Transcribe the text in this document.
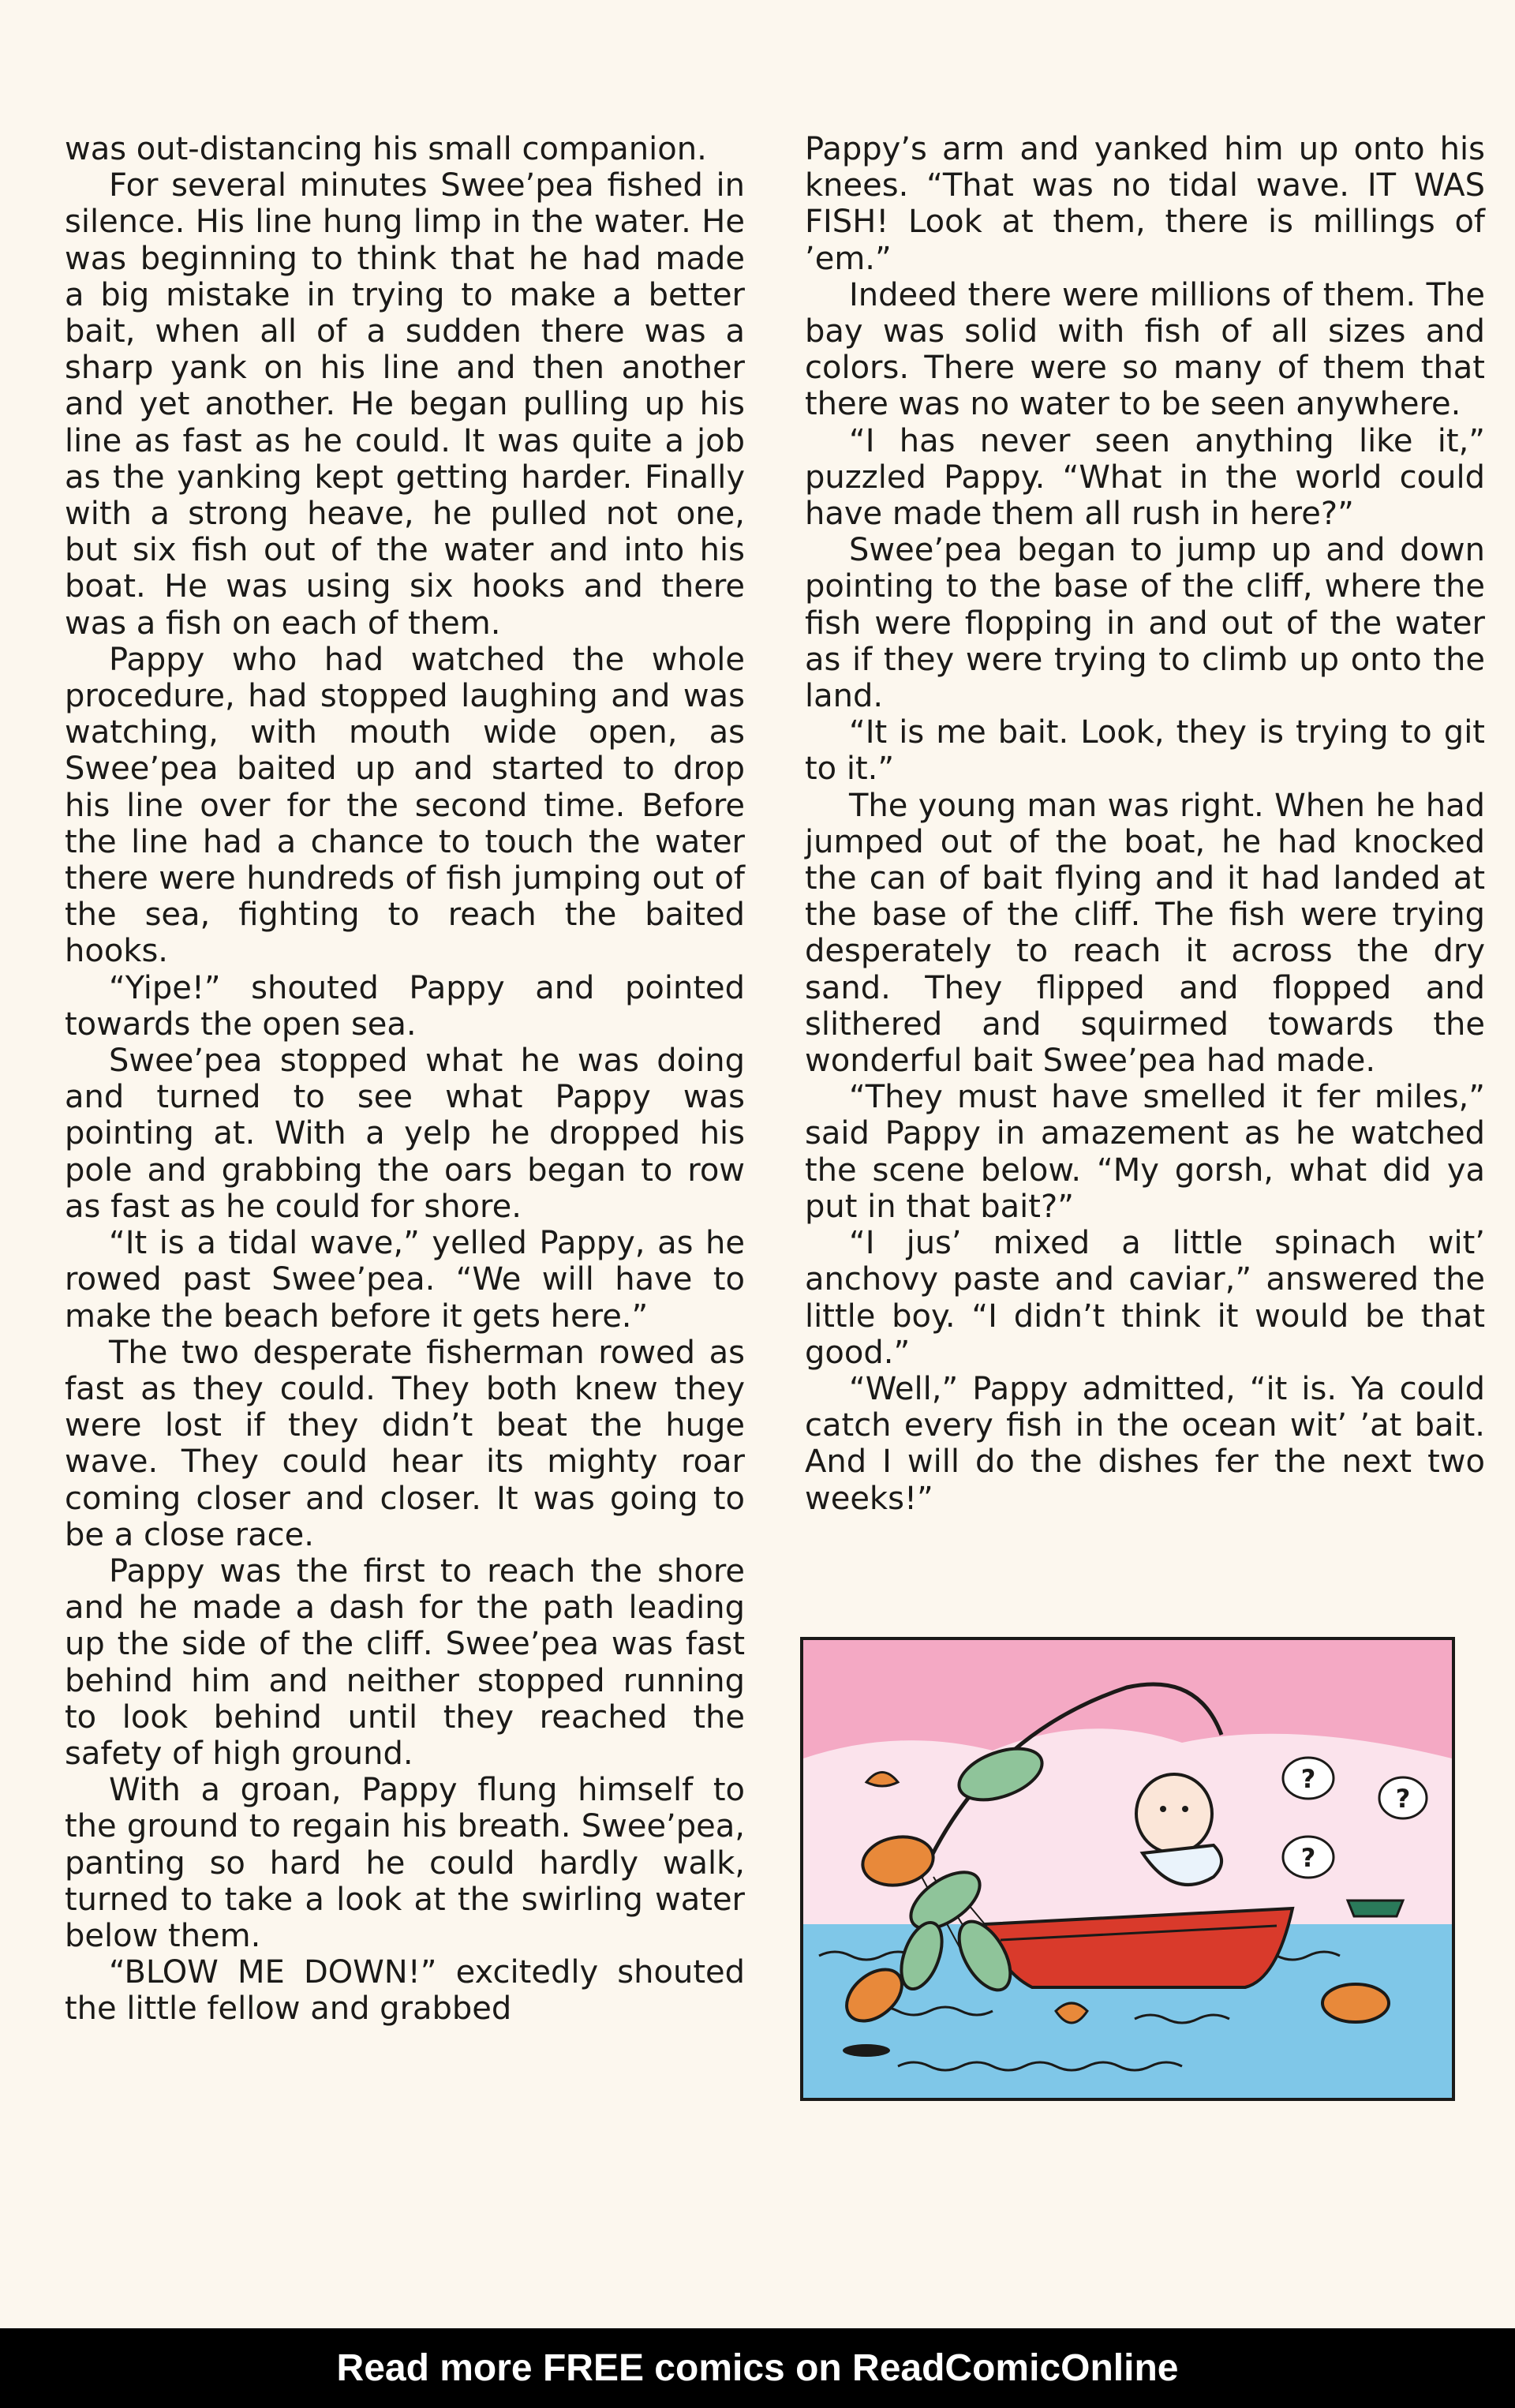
was out-distancing his small companion.

For several minutes Swee’pea fished in silence. His line hung limp in the water. He was beginning to think that he had made a big mistake in trying to make a better bait, when all of a sudden there was a sharp yank on his line and then another and yet another. He began pulling up his line as fast as he could. It was quite a job as the yanking kept getting harder. Finally with a strong heave, he pulled not one, but six fish out of the water and into his boat. He was using six hooks and there was a fish on each of them.

Pappy who had watched the whole procedure, had stopped laughing and was watching, with mouth wide open, as Swee’pea baited up and started to drop his line over for the second time. Before the line had a chance to touch the water there were hundreds of fish jumping out of the sea, fighting to reach the baited hooks.

“Yipe!” shouted Pappy and pointed towards the open sea.

Swee’pea stopped what he was doing and turned to see what Pappy was pointing at. With a yelp he dropped his pole and grabbing the oars began to row as fast as he could for shore.

“It is a tidal wave,” yelled Pappy, as he rowed past Swee’pea. “We will have to make the beach before it gets here.”

The two desperate fisherman rowed as fast as they could. They both knew they were lost if they didn’t beat the huge wave. They could hear its mighty roar coming closer and closer. It was going to be a close race.

Pappy was the first to reach the shore and he made a dash for the path leading up the side of the cliff. Swee’pea was fast behind him and neither stopped running to look behind until they reached the safety of high ground.

With a groan, Pappy flung himself to the ground to regain his breath. Swee’pea, panting so hard he could hardly walk, turned to take a look at the swirling water below them.

“BLOW ME DOWN!” excitedly shouted the little fellow and grabbed

Pappy’s arm and yanked him up onto his knees. “That was no tidal wave. IT WAS FISH! Look at them, there is millings of ’em.”

Indeed there were millions of them. The bay was solid with fish of all sizes and colors. There were so many of them that there was no water to be seen anywhere.

“I has never seen anything like it,” puzzled Pappy. “What in the world could have made them all rush in here?”

Swee’pea began to jump up and down pointing to the base of the cliff, where the fish were flopping in and out of the water as if they were trying to climb up onto the land.

“It is me bait. Look, they is trying to git to it.”

The young man was right. When he had jumped out of the boat, he had knocked the can of bait flying and it had landed at the base of the cliff. The fish were trying desperately to reach it across the dry sand. They flipped and flopped and slithered and squirmed towards the wonderful bait Swee’pea had made.

“They must have smelled it fer miles,” said Pappy in amazement as he watched the scene below. “My gorsh, what did ya put in that bait?”

“I jus’ mixed a little spinach wit’ anchovy paste and caviar,” answered the little boy. “I didn’t think it would be that good.”

“Well,” Pappy admitted, “it is. Ya could catch every fish in the ocean wit’ ’at bait. And I will do the dishes fer the next two weeks!”

?
?
?
Read more FREE comics on ReadComicOnline
